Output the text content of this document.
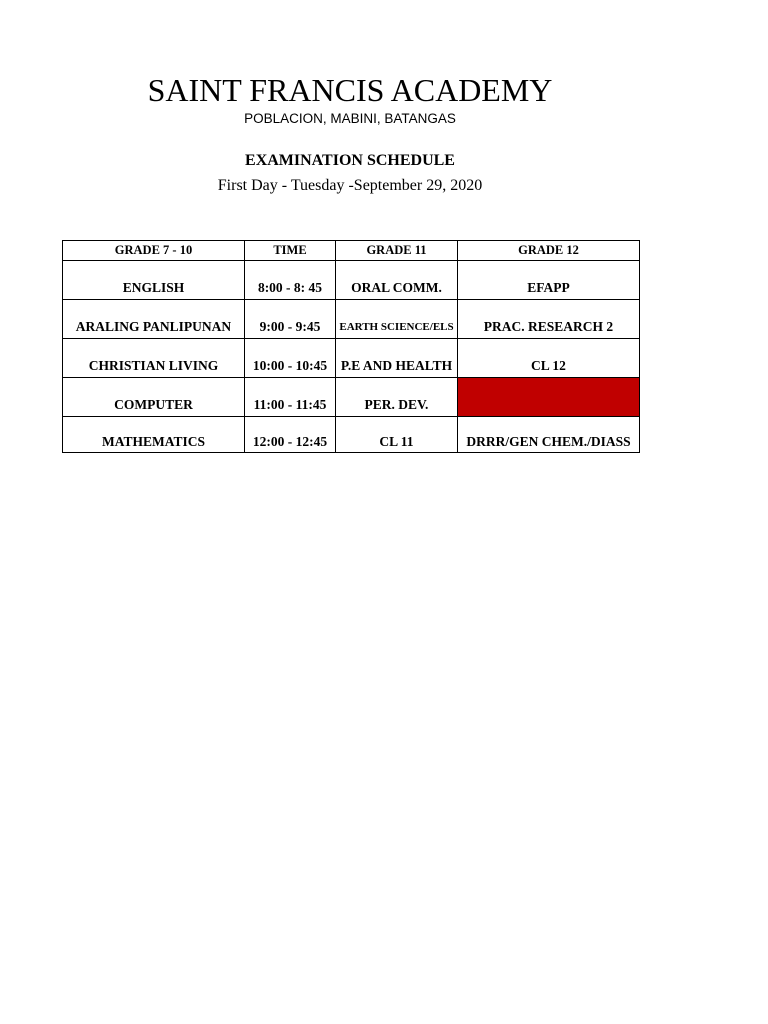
SAINT FRANCIS ACADEMY
POBLACION, MABINI, BATANGAS
EXAMINATION SCHEDULE
First Day - Tuesday -September 29, 2020
GRADE 7 - 10	TIME	GRADE 11	GRADE 12
ENGLISH	8:00 - 8: 45	ORAL COMM.	EFAPP
ARALING PANLIPUNAN	9:00 - 9:45	EARTH SCIENCE/ELS	PRAC. RESEARCH 2
CHRISTIAN LIVING	10:00 - 10:45	P.E AND HEALTH	CL 12
COMPUTER	11:00 - 11:45	PER. DEV.	
MATHEMATICS	12:00 - 12:45	CL 11	DRRR/GEN CHEM./DIASS
